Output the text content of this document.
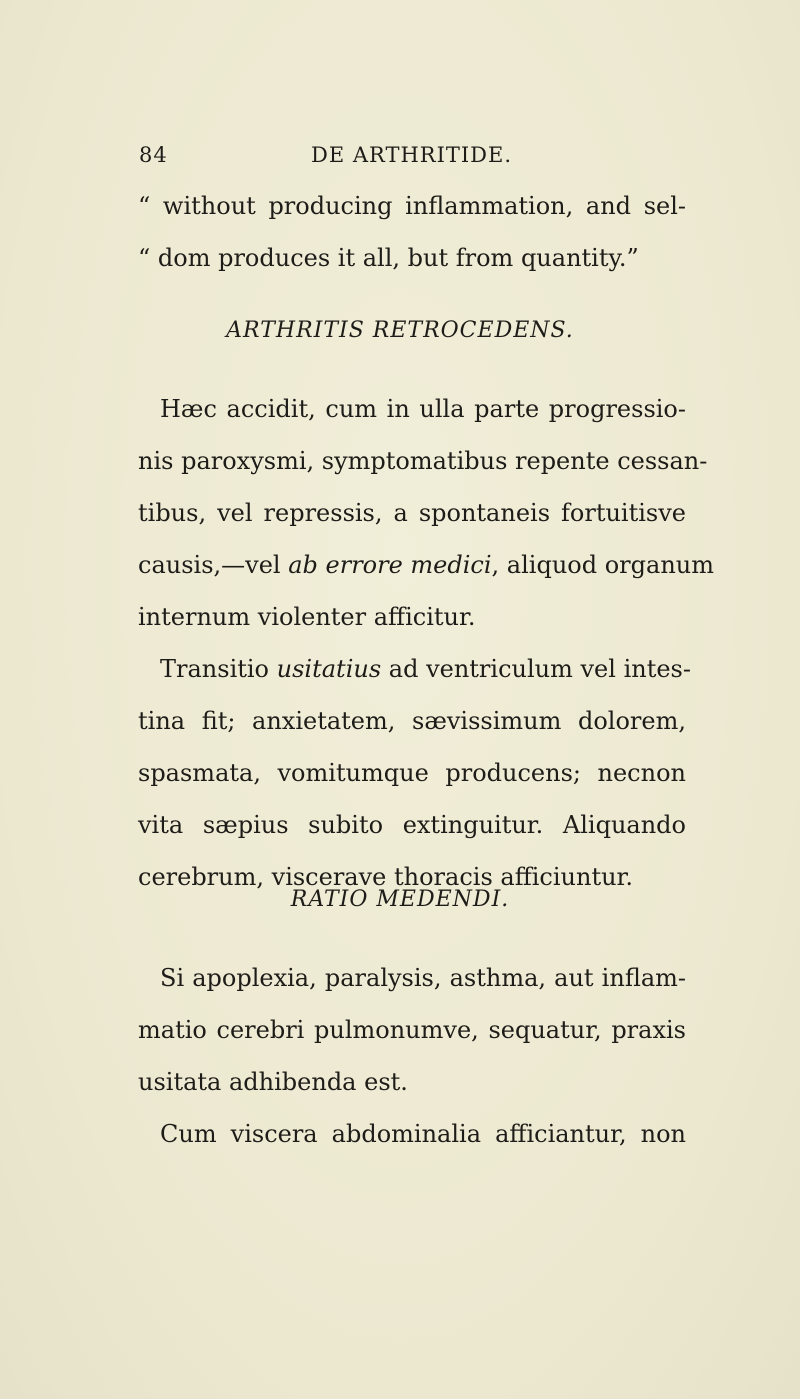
84	DE ARTHRITIDE.
“ without producing inflammation, and sel-
“ dom produces it all, but from quantity.”
ARTHRITIS RETROCEDENS.
Hæc accidit, cum in ulla parte progressio-
nis paroxysmi, symptomatibus repente cessan-
tibus, vel repressis, a spontaneis fortuitisve
causis,—vel ab errore medici, aliquod organum
internum violenter afficitur.
Transitio usitatius ad ventriculum vel intes-
tina fit; anxietatem, sævissimum dolorem,
spasmata, vomitumque producens; necnon
vita sæpius subito extinguitur. Aliquando
cerebrum, viscerave thoracis afficiuntur.
RATIO MEDENDI.
Si apoplexia, paralysis, asthma, aut inflam-
matio cerebri pulmonumve, sequatur, praxis
usitata adhibenda est.
Cum viscera abdominalia afficiantur, non
